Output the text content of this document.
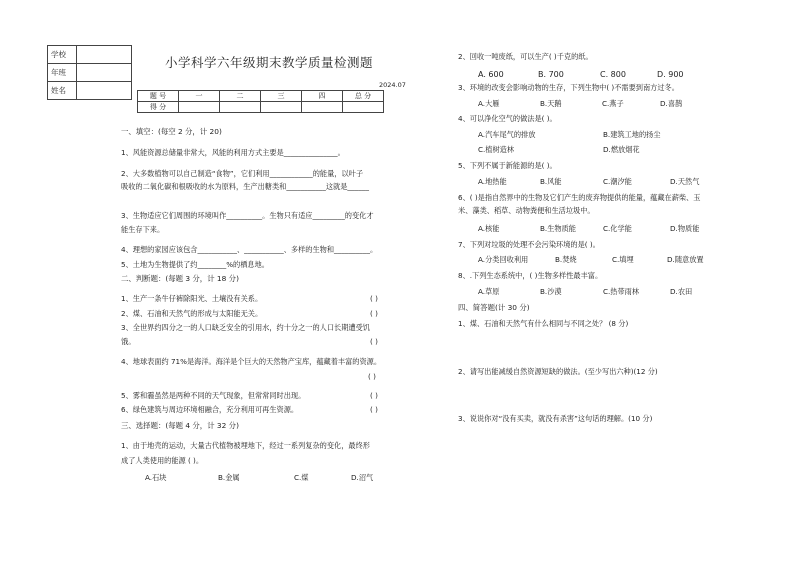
学校	
年班	
姓名	
小学科学六年级期末教学质量检测题
2024.07
题 号	一	二	三	四	总 分
得 分					
一、填空：(每空 2 分，计 20)
1、风能资源总储量非常大，风能的利用方式主要是_______________。
2、大多数植物可以自己制造“食物”，它们利用____________的能量，以叶子
吸收的二氧化碳和根吸收的水为原料，生产出糖类和___________这就是______
3、生物适应它们周围的环境叫作__________。生物只有适应_________的变化才
能生存下来。
4、理想的家园应该包含___________、___________、多样的生物和__________。
5、土地为生物提供了约________%的栖息地。
二、判断题：(每题 3 分，计 18 分)
1、生产一条牛仔裤除阳光、土壤没有关系。	( )
2、煤、石油和天然气的形成与太阳能无关。	( )
3、全世界约四分之一的人口缺乏安全的引用水，约十分之一的人口长期遭受饥
饿。	( )
4、地球表面约 71%是海洋。海洋是个巨大的天然物产宝库，蕴藏着丰富的资源。
( )
5、雾和霾虽然是两种不同的天气现象，但常常同时出现。	( )
6、绿色建筑与周边环境相融合，充分利用可再生资源。	( )
三、选择题：(每题 4 分，计 32 分)
1、由于地壳的运动，大量古代植物被埋地下，经过一系列复杂的变化，最终形
成了人类使用的能源 ( )。
A.石块	B.金属	C.煤	D.沼气
2、回收一吨废纸，可以生产( )千克的纸。
A. 600	B. 700	C. 800	D. 900
3、环境的改变会影响动物的生存，下列生物中( )不需要到南方过冬。
A.大雁	B.天鹅	C.燕子	D.喜鹊
4、可以净化空气的做法是( )。
A.汽车尾气的排放	B.建筑工地的扬尘
C.植树造林	D.燃放烟花
5、下列不属于新能源的是( )。
A.地热能	B.风能	C.潮汐能	D.天然气
6、( )是指自然界中的生物及它们产生的废弃物提供的能量，蕴藏在薪柴、玉
米、藻类、稻草、动物粪便和生活垃圾中。
A.核能	B.生物质能	C.化学能	D.物质能
7、下列对垃圾的处理不会污染环境的是( )。
A.分类回收利用	B.焚烧	C.填埋	D.随意放置
8、.下列生态系统中，( )生物多样性最丰富。
A.草原	B.沙漠	C.热带雨林	D.农田
四、简答题(计 30 分)
1、煤、石油和天然气有什么相同与不同之处？ (8 分)
2、请写出能减缓自然资源短缺的做法。(至少写出六种)(12 分)
3、说说你对“没有买卖，就没有杀害”这句话的理解。(10 分)
